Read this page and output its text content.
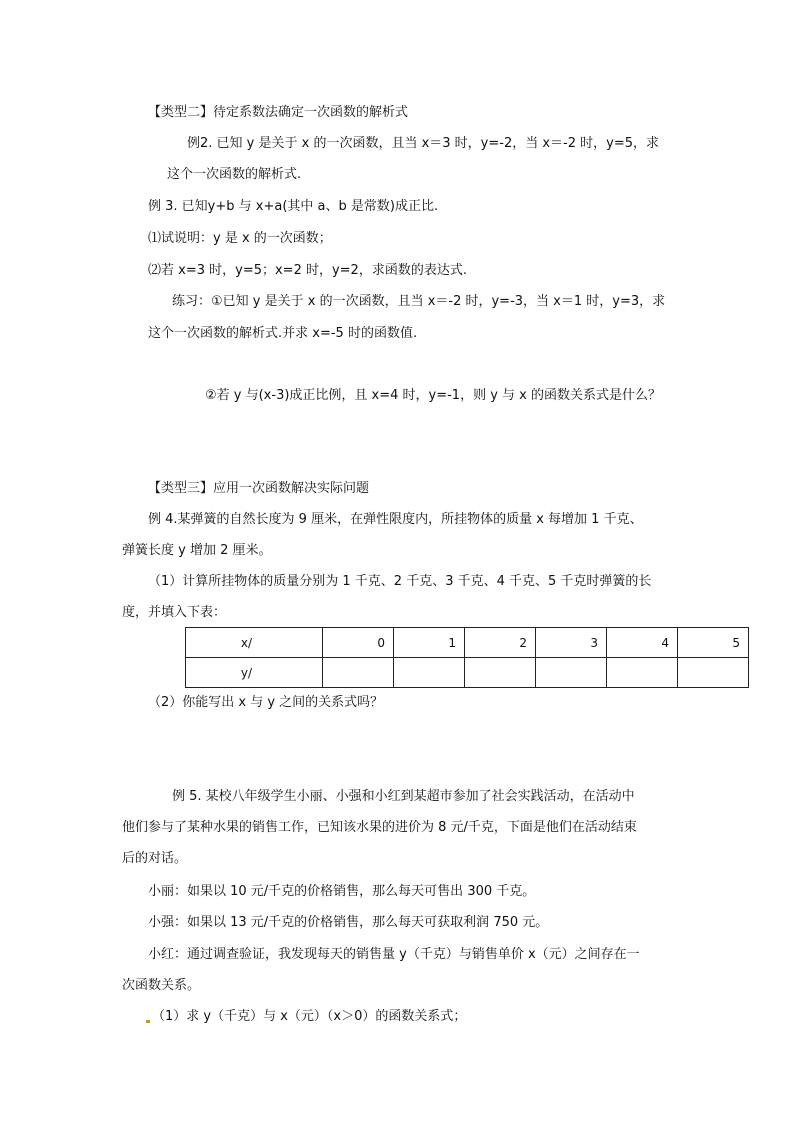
【类型二】待定系数法确定一次函数的解析式
例2. 已知 y 是关于 x 的一次函数，且当 x＝3 时，y=-2，当 x＝-2 时，y=5，求
这个一次函数的解析式.
例 3. 已知y+b 与 x+a(其中 a、b 是常数)成正比.
⑴试说明：y 是 x 的一次函数；
⑵若 x=3 时，y=5；x=2 时，y=2，求函数的表达式.
练习：①已知 y 是关于 x 的一次函数，且当 x＝-2 时，y=-3，当 x＝1 时，y=3，求
这个一次函数的解析式.并求 x=-5 时的函数值.
②若 y 与(x-3)成正比例，且 x=4 时，y=-1，则 y 与 x 的函数关系式是什么？
【类型三】应用一次函数解决实际问题
例 4.某弹簧的自然长度为 9 厘米，在弹性限度内，所挂物体的质量 x 每增加 1 千克、
弹簧长度 y 增加 2 厘米。
（1）计算所挂物体的质量分别为 1 千克、2 千克、3 千克、4 千克、5 千克时弹簧的长
度，并填入下表：
x/	0	1	2	3	4	5
y/						
（2）你能写出 x 与 y 之间的关系式吗？
例 5. 某校八年级学生小丽、小强和小红到某超市参加了社会实践活动，在活动中
他们参与了某种水果的销售工作，已知该水果的进价为 8 元/千克，下面是他们在活动结束
后的对话。
小丽：如果以 10 元/千克的价格销售，那么每天可售出 300 千克。
小强：如果以 13 元/千克的价格销售，那么每天可获取利润 750 元。
小红：通过调查验证，我发现每天的销售量 y（千克）与销售单价 x（元）之间存在一
次函数关系。
（1）求 y（千克）与 x（元）（x＞0）的函数关系式；
